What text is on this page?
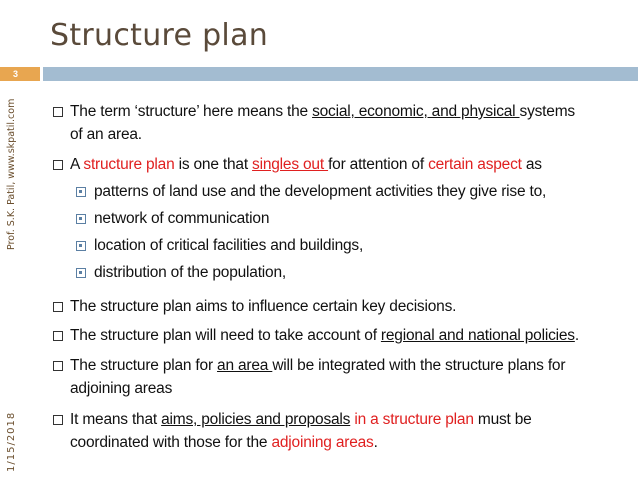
Structure plan
3
Prof. S.K. Patil, www.skpatil.com
1/15/2018
The term ‘structure’ here means the social, economic, and physical systems
of an area.
A structure plan is one that singles out for attention of certain aspect as
patterns of land use and the development activities they give rise to,
network of communication
location of critical facilities and buildings,
distribution of the population,
The structure plan aims to influence certain key decisions.
The structure plan will need to take account of regional and national policies.
The structure plan for an area will be integrated with the structure plans for
adjoining areas
It means that aims, policies and proposals in a structure plan must be
coordinated with those for the adjoining areas.
